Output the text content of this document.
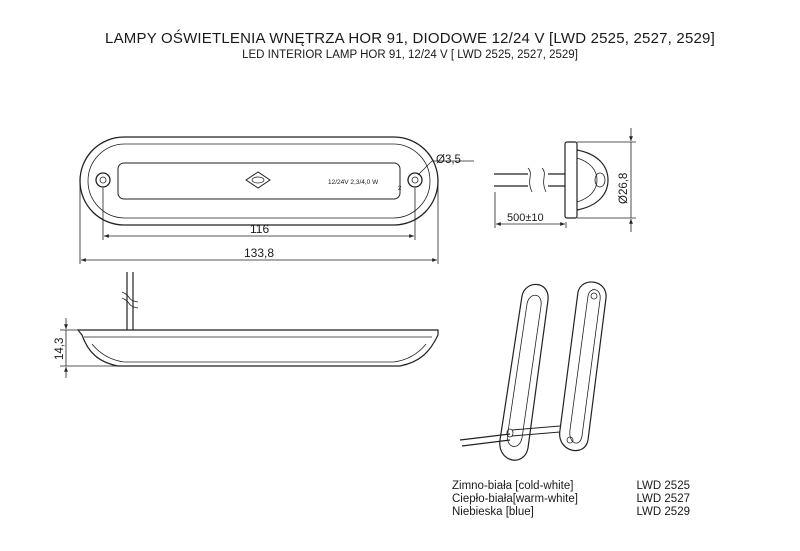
LAMPY OŚWIETLENIA WNĘTRZA HOR 91, DIODOWE 12/24 V [LWD 2525, 2527, 2529]
LED INTERIOR LAMP HOR 91, 12/24 V [ LWD 2525, 2527, 2529]
12/24V 2,3/4,0 W
2
Ø3,5
116
133,8
Ø26,8
500±10
14,3
Zimno-biała [cold-white]	LWD 2525
Ciepło-biała[warm-white]	LWD 2527
Niebieska [blue]	LWD 2529
